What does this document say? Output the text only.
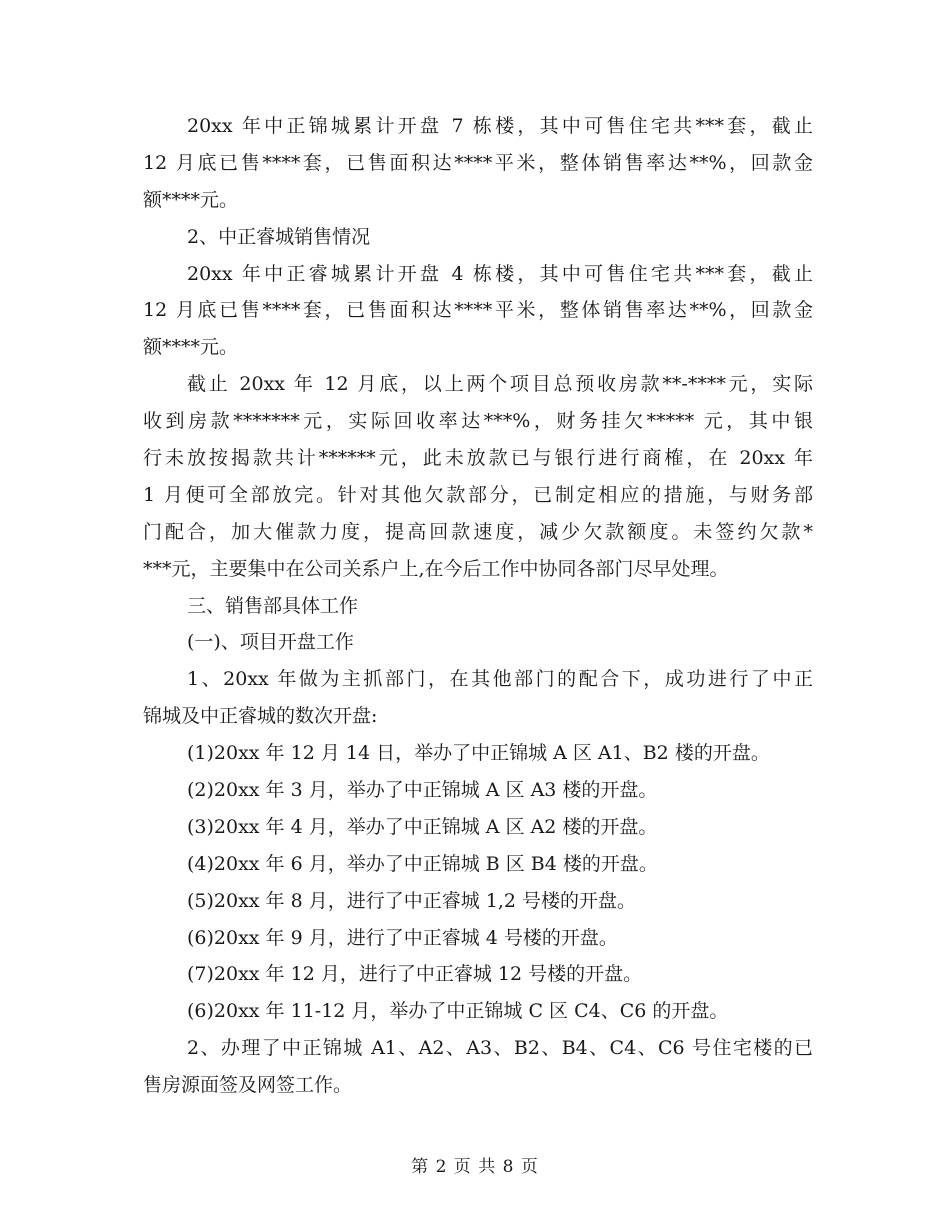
20xx 年中正锦城累计开盘 7 栋楼，其中可售住宅共***套，截止
12 月底已售****套，已售面积达****平米，整体销售率达**%，回款金
额****元。
2、中正睿城销售情况
20xx 年中正睿城累计开盘 4 栋楼，其中可售住宅共***套，截止
12 月底已售****套，已售面积达****平米，整体销售率达**%，回款金
额****元。
截止 20xx 年 12 月底，以上两个项目总预收房款**-****元，实际
收到房款*******元，实际回收率达***%，财务挂欠***** 元，其中银
行未放按揭款共计******元，此未放款已与银行进行商榷，在 20xx 年
1 月便可全部放完。针对其他欠款部分，已制定相应的措施，与财务部
门配合，加大催款力度，提高回款速度，减少欠款额度。未签约欠款*
***元，主要集中在公司关系户上,在今后工作中协同各部门尽早处理。
三、销售部具体工作
(一)、项目开盘工作
1、20xx 年做为主抓部门，在其他部门的配合下，成功进行了中正
锦城及中正睿城的数次开盘:
(1)20xx 年 12 月 14 日，举办了中正锦城 A 区 A1、B2 楼的开盘。
(2)20xx 年 3 月，举办了中正锦城 A 区 A3 楼的开盘。
(3)20xx 年 4 月，举办了中正锦城 A 区 A2 楼的开盘。
(4)20xx 年 6 月，举办了中正锦城 B 区 B4 楼的开盘。
(5)20xx 年 8 月，进行了中正睿城 1,2 号楼的开盘。
(6)20xx 年 9 月，进行了中正睿城 4 号楼的开盘。
(7)20xx 年 12 月，进行了中正睿城 12 号楼的开盘。
(6)20xx 年 11-12 月，举办了中正锦城 C 区 C4、C6 的开盘。
2、办理了中正锦城 A1、A2、A3、B2、B4、C4、C6 号住宅楼的已
售房源面签及网签工作。
第 2 页 共 8 页
